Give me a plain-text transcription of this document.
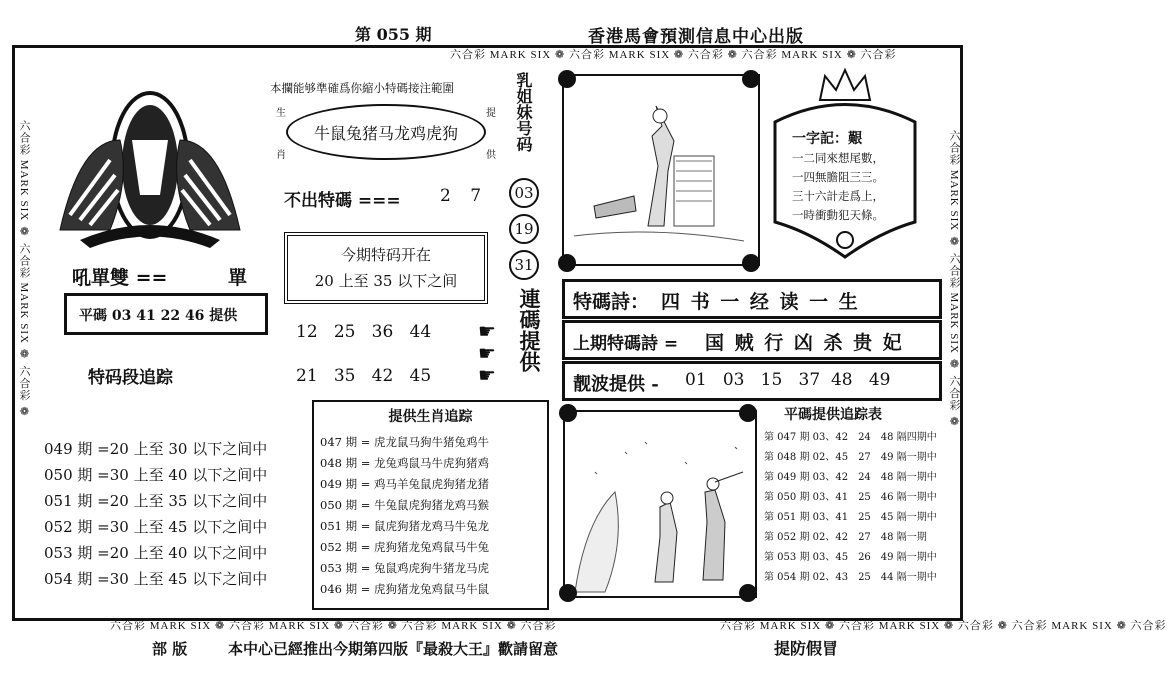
第 055 期	香港馬會預測信息中心出版
六合彩 MARK SIX ❁ 六合彩 MARK SIX ❁ 六合彩 ❁ 六合彩 MARK SIX ❁ 六合彩
六合彩 MARK SIX ❁ 六合彩 MARK SIX ❁ 六合彩 ❁	六合彩 MARK SIX ❁ 六合彩 MARK SIX ❁ 六合彩 ❁
六合彩 MARK SIX ❁ 六合彩 MARK SIX ❁ 六合彩 ❁ 六合彩 MARK SIX ❁ 六合彩	六合彩 MARK SIX ❁ 六合彩 MARK SIX ❁ 六合彩 ❁ 六合彩 MARK SIX ❁ 六合彩
吼單雙 ==	單
平碼 03 41 22 46 提供
特码段追踪
049 期 =20 上至 30 以下之间中
050 期 =30 上至 40 以下之间中
051 期 =20 上至 35 以下之间中
052 期 =30 上至 45 以下之间中
053 期 =20 上至 40 以下之间中
054 期 =30 上至 45 以下之间中
本攔能够準確爲你縮小特碼接注範圍
生
肖
提
供
牛鼠兔猪马龙鸡虎狗
不出特碼 === 2 7
今期特码开在
20 上至 35 以下之间
12   25   36   44
21   35   42   45
☛
☛
☛
乳姐妹号码
03
19
31
連碼提供
提供生肖追踪
047 期 = 虎龙鼠马狗牛猪兔鸡牛
048 期 = 龙兔鸡鼠马牛虎狗猪鸡
049 期 = 鸡马羊兔鼠虎狗猪龙猪
050 期 = 牛兔鼠虎狗猪龙鸡马猴
051 期 = 鼠虎狗猪龙鸡马牛兔龙
052 期 = 虎狗猪龙兔鸡鼠马牛兔
053 期 = 兔鼠鸡虎狗牛猪龙马虎
046 期 = 虎狗猪龙兔鸡鼠马牛鼠
一字記：艱
一二同來想尾數，
一四無膽阻三三。
三十六計走爲上，
一時衝動犯天條。
特碼詩： 四 书 一 经 读 一 生
上期特碼詩 = 国 贼 行 凶 杀 贵 妃
靓波提供 - 01   03   15   37  48   49
平碼提供追踪表
第 047 期 03、42　24　48 隔四期中
第 048 期 02、45　27　49 隔一期中
第 049 期 03、42　24　48 隔一期中
第 050 期 03、41　25　46 隔一期中
第 051 期 03、41　25　45 隔一期中
第 052 期 02、42　27　48 隔一期
第 053 期 03、45　26　49 隔一期中
第 054 期 02、43　25　44 隔一期中
部 版	本中心已經推出今期第四版『最殺大王』歡請留意	提防假冒
